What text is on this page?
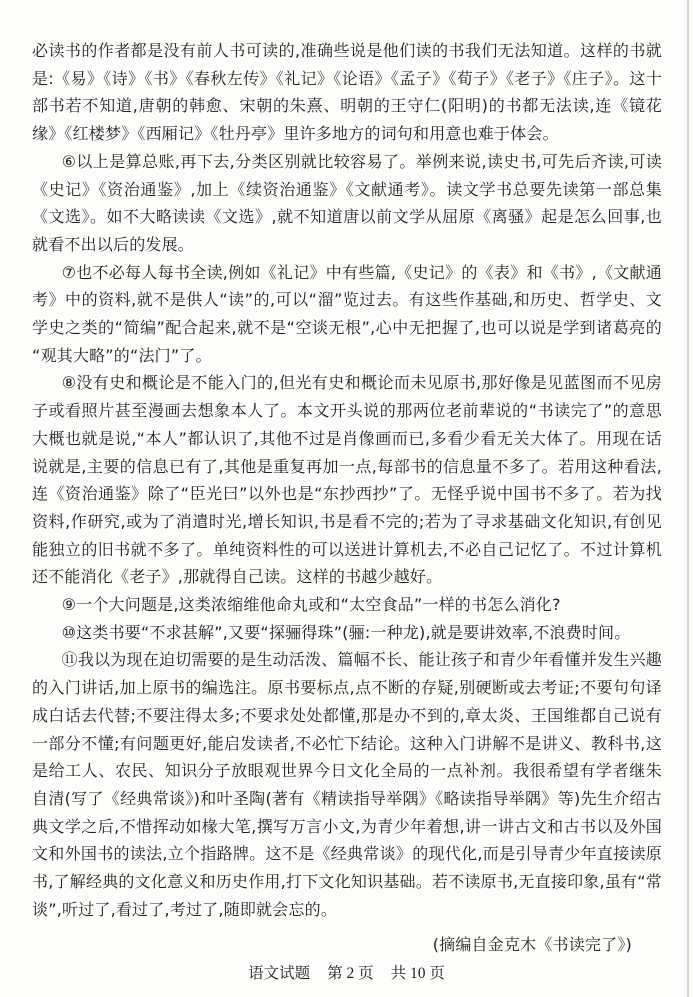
必读书的作者都是没有前人书可读的,准确些说是他们读的书我们无法知道。这样的书就是:《易》《诗》《书》《春秋左传》《礼记》《论语》《孟子》《荀子》《老子》《庄子》。这十部书若不知道,唐朝的韩愈、宋朝的朱熹、明朝的王守仁(阳明)的书都无法读,连《镜花缘》《红楼梦》《西厢记》《牡丹亭》里许多地方的词句和用意也难于体会。

⑥以上是算总账,再下去,分类区别就比较容易了。举例来说,读史书,可先后齐读,可读《史记》《资治通鉴》,加上《续资治通鉴》《文献通考》。读文学书总要先读第一部总集《文选》。如不大略读读《文选》,就不知道唐以前文学从屈原《离骚》起是怎么回事,也就看不出以后的发展。

⑦也不必每人每书全读,例如《礼记》中有些篇,《史记》的《表》和《书》,《文献通考》中的资料,就不是供人“读”的,可以“溜”览过去。有这些作基础,和历史、哲学史、文学史之类的“简编”配合起来,就不是“空谈无根”,心中无把握了,也可以说是学到诸葛亮的“观其大略”的“法门”了。

⑧没有史和概论是不能入门的,但光有史和概论而未见原书,那好像是见蓝图而不见房子或看照片甚至漫画去想象本人了。本文开头说的那两位老前辈说的“书读完了”的意思大概也就是说,“本人”都认识了,其他不过是肖像画而已,多看少看无关大体了。用现在话说就是,主要的信息已有了,其他是重复再加一点,每部书的信息量不多了。若用这种看法,连《资治通鉴》除了“臣光曰”以外也是“东抄西抄”了。无怪乎说中国书不多了。若为找资料,作研究,或为了消遣时光,增长知识,书是看不完的;若为了寻求基础文化知识,有创见能独立的旧书就不多了。单纯资料性的可以送进计算机去,不必自己记忆了。不过计算机还不能消化《老子》,那就得自己读。这样的书越少越好。

⑨一个大问题是,这类浓缩维他命丸或和“太空食品”一样的书怎么消化?

⑩这类书要“不求甚解”,又要“探骊得珠”(骊:一种龙),就是要讲效率,不浪费时间。

⑪我以为现在迫切需要的是生动活泼、篇幅不长、能让孩子和青少年看懂并发生兴趣的入门讲话,加上原书的编选注。原书要标点,点不断的存疑,别硬断或去考证;不要句句译成白话去代替;不要注得太多;不要求处处都懂,那是办不到的,章太炎、王国维都自己说有一部分不懂;有问题更好,能启发读者,不必忙下结论。这种入门讲解不是讲义、教科书,这是给工人、农民、知识分子放眼观世界今日文化全局的一点补剂。我很希望有学者继朱自清(写了《经典常谈》)和叶圣陶(著有《精读指导举隅》《略读指导举隅》等)先生介绍古典文学之后,不惜挥动如椽大笔,撰写万言小文,为青少年着想,讲一讲古文和古书以及外国文和外国书的读法,立个指路牌。这不是《经典常谈》的现代化,而是引导青少年直接读原书,了解经典的文化意义和历史作用,打下文化知识基础。若不读原书,无直接印象,虽有“常谈”,听过了,看过了,考过了,随即就会忘的。

(摘编自金克木《书读完了》)

语文试题 第 2 页 共 10 页
